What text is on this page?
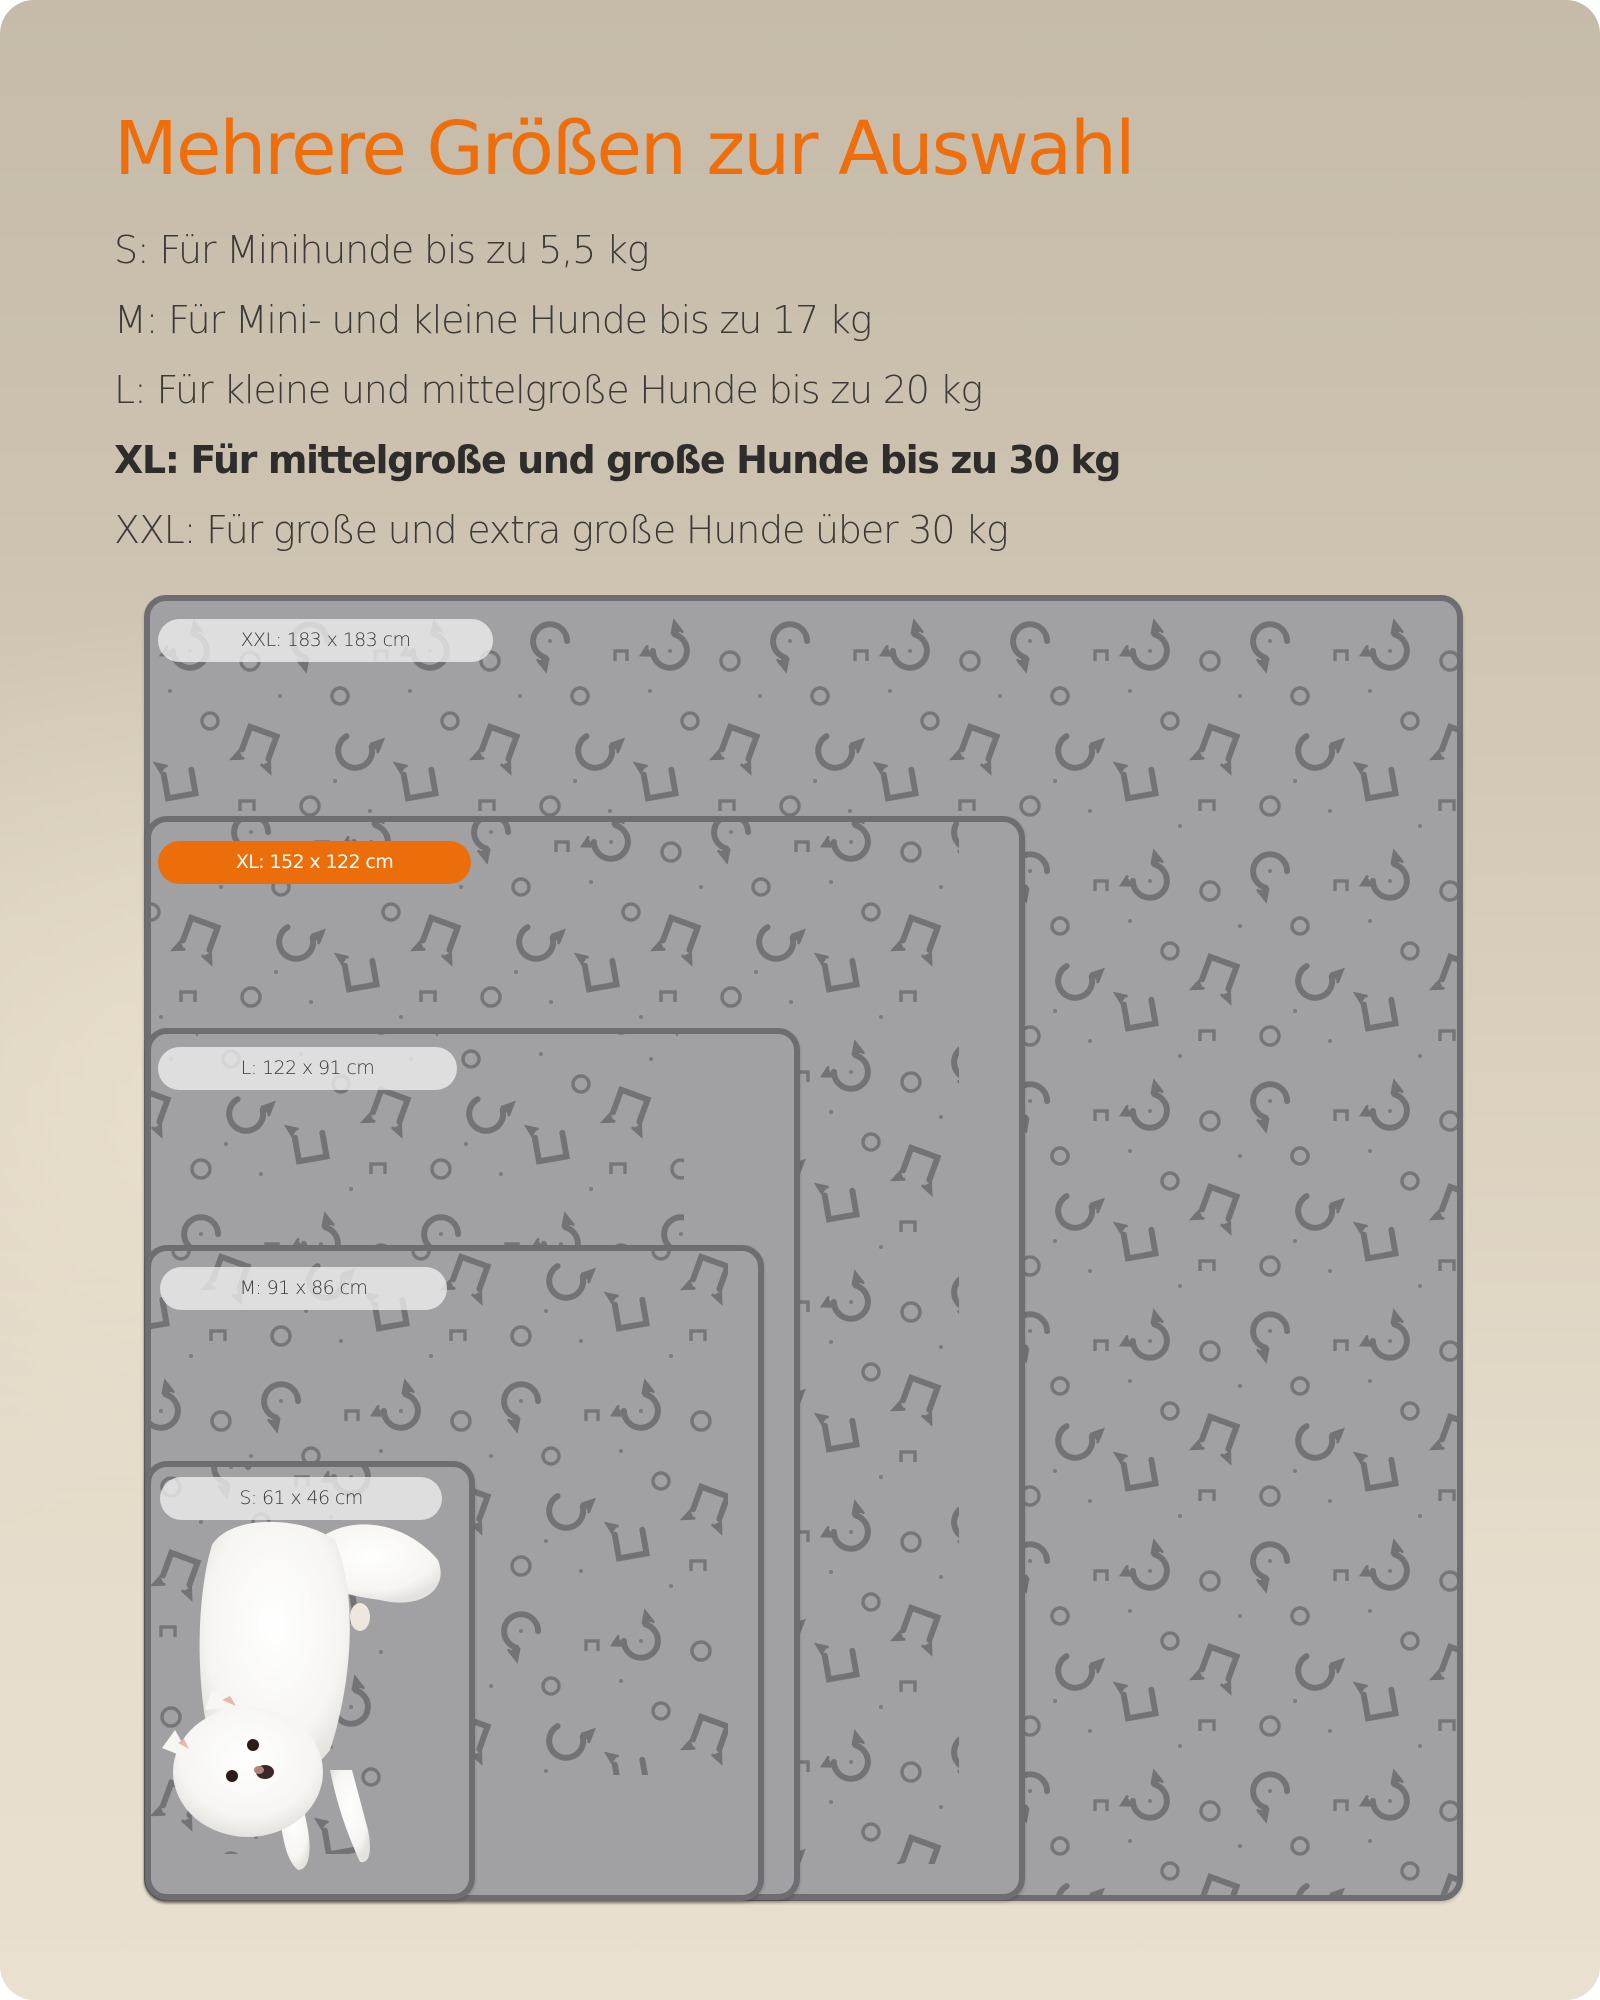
Mehrere Größen zur Auswahl
S: Für Minihunde bis zu 5,5 kg
M: Für Mini- und kleine Hunde bis zu 17 kg
L: Für kleine und mittelgroße Hunde bis zu 20 kg
XL: Für mittelgroße und große Hunde bis zu 30 kg
XXL: Für große und extra große Hunde über 30 kg
XXL: 183 x 183 cm
XL: 152 x 122 cm
L: 122 x 91 cm
M: 91 x 86 cm
S: 61 x 46 cm
